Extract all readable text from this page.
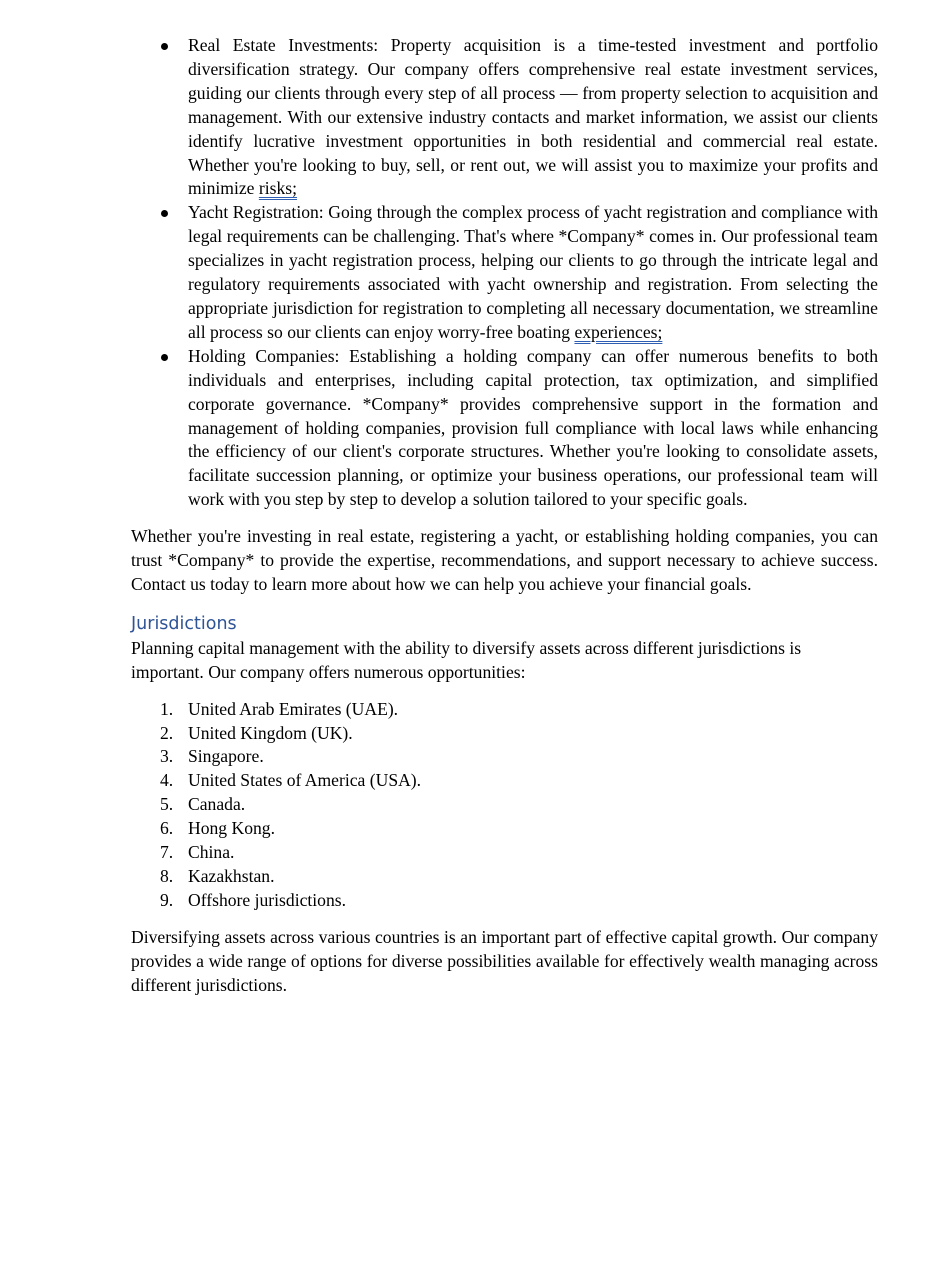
Real Estate Investments: Property acquisition is a time-tested investment and portfolio diversification strategy. Our company offers comprehensive real estate investment services, guiding our clients through every step of all process — from property selection to acquisition and management. With our extensive industry contacts and market information, we assist our clients identify lucrative investment opportunities in both residential and commercial real estate. Whether you're looking to buy, sell, or rent out, we will assist you to maximize your profits and minimize risks;
Yacht Registration: Going through the complex process of yacht registration and compliance with legal requirements can be challenging. That's where *Company* comes in. Our professional team specializes in yacht registration process, helping our clients to go through the intricate legal and regulatory requirements associated with yacht ownership and registration. From selecting the appropriate jurisdiction for registration to completing all necessary documentation, we streamline all process so our clients can enjoy worry-free boating experiences;
Holding Companies: Establishing a holding company can offer numerous benefits to both individuals and enterprises, including capital protection, tax optimization, and simplified corporate governance. *Company* provides comprehensive support in the formation and management of holding companies, provision full compliance with local laws while enhancing the efficiency of our client's corporate structures. Whether you're looking to consolidate assets, facilitate succession planning, or optimize your business operations, our professional team will work with you step by step to develop a solution tailored to your specific goals.

Whether you're investing in real estate, registering a yacht, or establishing holding companies, you can trust *Company* to provide the expertise, recommendations, and support necessary to achieve success. Contact us today to learn more about how we can help you achieve your financial goals.

Jurisdictions

Planning capital management with the ability to diversify assets across different jurisdictions is important. Our company offers numerous opportunities:

1. United Arab Emirates (UAE).
2. United Kingdom (UK).
3. Singapore.
4. United States of America (USA).
5. Canada.
6. Hong Kong.
7. China.
8. Kazakhstan.
9. Offshore jurisdictions.

Diversifying assets across various countries is an important part of effective capital growth. Our company provides a wide range of options for diverse possibilities available for effectively wealth managing across different jurisdictions.
